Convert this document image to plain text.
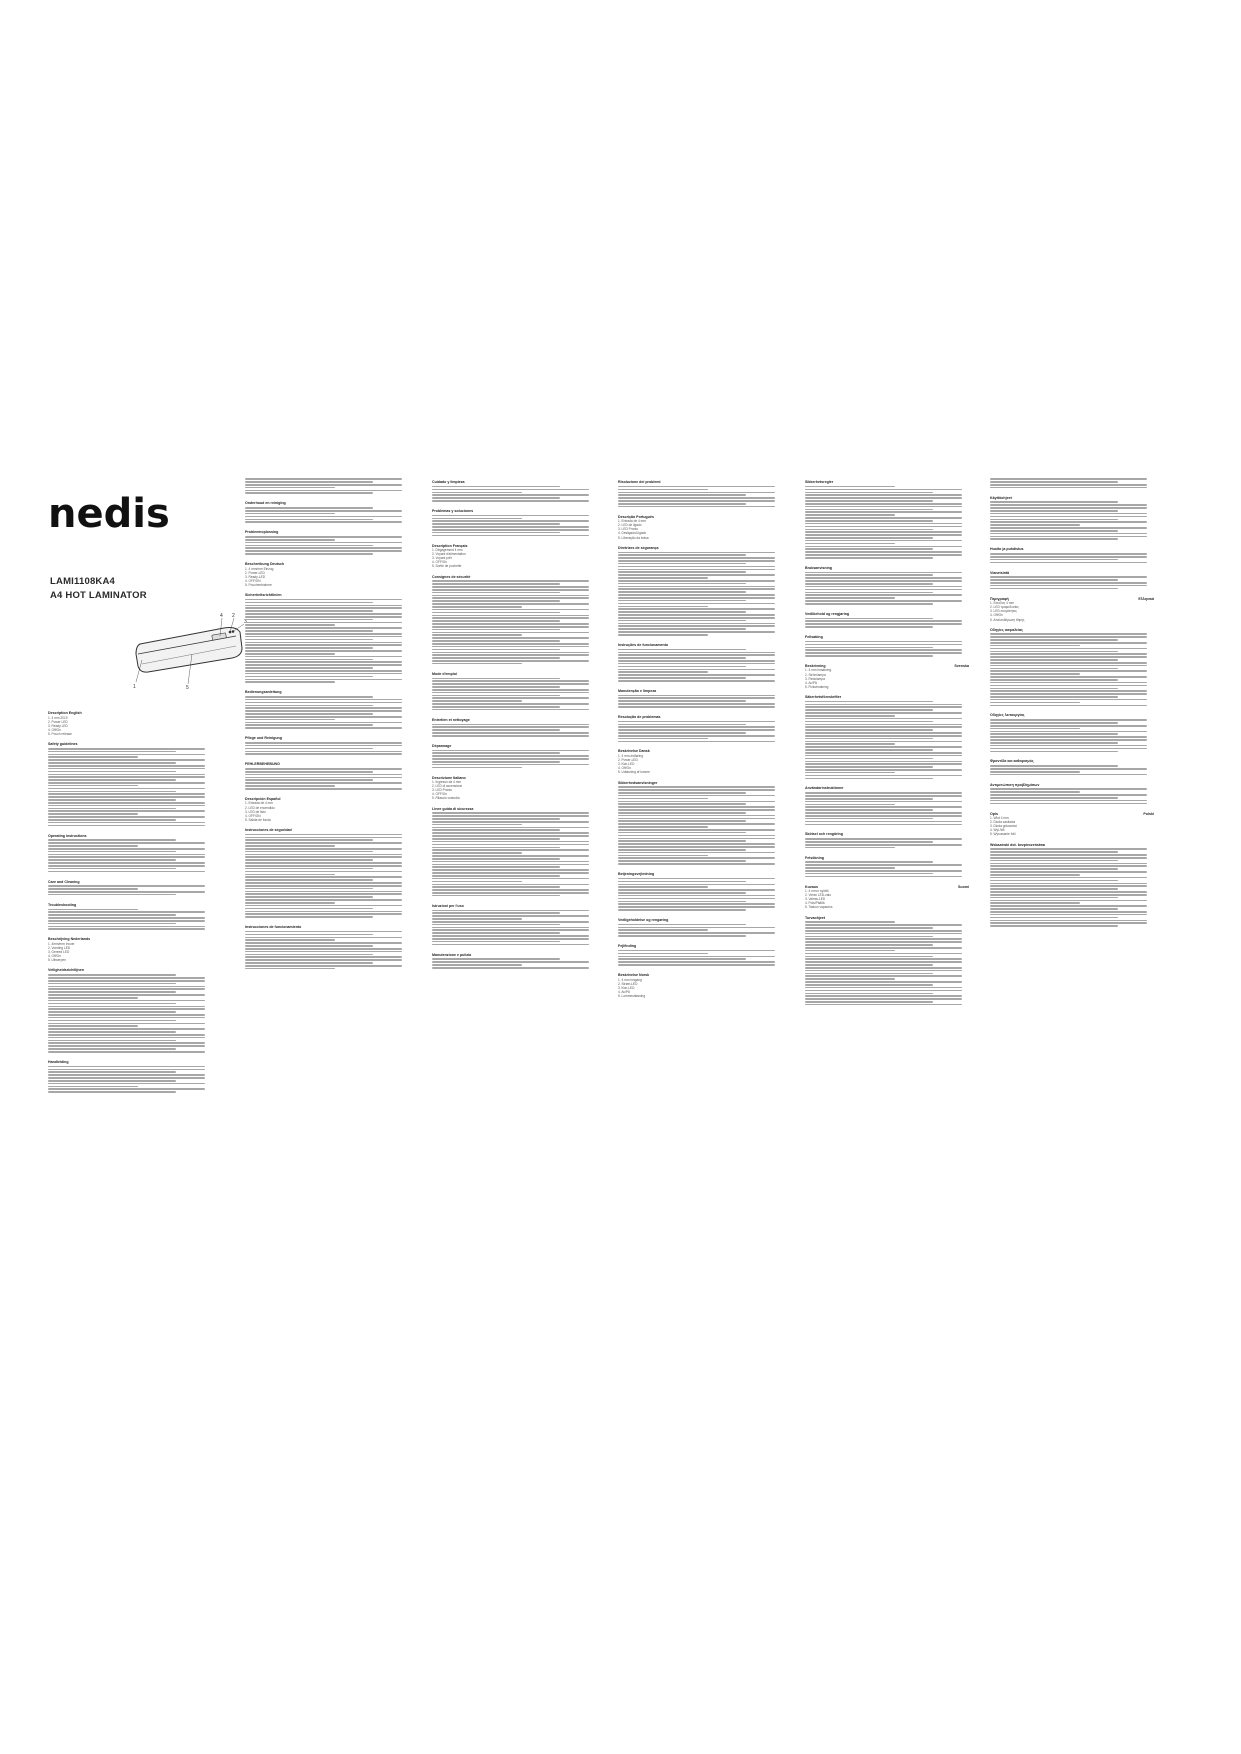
nedis
LAMI1108KA4
A4 HOT LAMINATOR
2
4
1	5
Description English
1. 4 mm 2019
2. Power LED
3. Ready LED
4. Off/On
5. Pouch release
Safety guidelines
Operating instructions
Care and Cleaning
Troubleshooting
Beschrijving Nederlands
1. 4mm/mm Invoer
2. Voeding LED
3. Gereed LED
4. Off/On
5. Uitwerpen
Veiligheidsrichtlijnen
Handleiding
Onderhoud en reiniging
Probleemoplossing
Beschreibung Deutsch
1. 4 mm/mm Einzug
2. Power-LED
3. Ready-LED
4. OFF/ON
5. Pouchentnahme
Sicherheitsrichtlinien
Bedienungsanleitung
Pflege und Reinigung
FEHLERBEHEBUNG
Descripción Español
1. Entrada de 4 mm
2. LED de encendido
3. LED de listo
4. OFF/ON
5. Salida de funda
Instrucciones de seguridad
Instrucciones de funcionamiento
Cuidado y limpieza
Problemas y soluciones
Description Français
1. Dégagement 4 mm
2. Voyant d'alimentation
3. Voyant prêt
4. OFF/On
5. Sortie de pochette
Consignes de sécurité
Mode d'emploi
Entretien et nettoyage
Dépannage
Descrizione Italiano
1. Ingresso da 4 mm
2. LED di accensione
3. LED Pronto
4. OFF/On
5. Rilascio custodia
Linee guida di sicurezza
Istruzioni per l'uso
Manutenzione e pulizia
Risoluzione dei problemi
Descrição Português
1. Entrada de 4 mm
2. LED de ligado
3. LED Pronto
4. Desligado/Ligado
5. Liberação da bolsa
Diretrizes de segurança
Instruções de funcionamento
Manutenção e limpeza
Resolução de problemas
Beskrivelse Dansk
1. 4 mm-indføring
2. Power-LED
3. Klar-LED
4. Off/On
5. Udløsning af lomme
Sikkerhedsanvisninger
Betjeningsvejledning
Vedligeholdelse og rengøring
Fejlfinding
Beskrivelse Norsk
1. 4 mm inngang
2. Strøm-LED
3. Klar-LED
4. Av/På
5. Lommeutløsning
Sikkerhetsregler
Bruksanvisning
Vedlikehold og rengjøring
Feilsøking
Beskrivning	Svenska
1. 4 mm inmatning
2. Strömlampa
3. Redolampa
4. Av/På
5. Fickutmatning
Säkerhetsföreskrifter
Användarinstruktioner
Skötsel och rengöring
Felsökning
Kuvaus	Suomi
1. 4 mm:n syöttö
2. Virran LED-valo
3. Valmis-LED
4. Pois/Päällä
5. Taskun vapautus
Turvaohjeet
Käyttöohjeet
Huolto ja puhdistus
Vianetsintä
Περιγραφή	Ελληνικά
1. Είσοδος 4 mm
2. LED τροφοδοσίας
3. LED ετοιμότητας
4. Off/On
5. Απελευθέρωση θήκης
Οδηγίες ασφαλείας
Οδηγίες λειτουργίας
Φροντίδα και καθαρισμός
Αντιμετώπιση προβλημάτων
Opis	Polski
1. Wlot 4 mm
2. Dioda zasilania
3. Dioda gotowości
4. Wył./Wł.
5. Wysuwanie folii
Wskazówki dot. bezpieczeństwa
